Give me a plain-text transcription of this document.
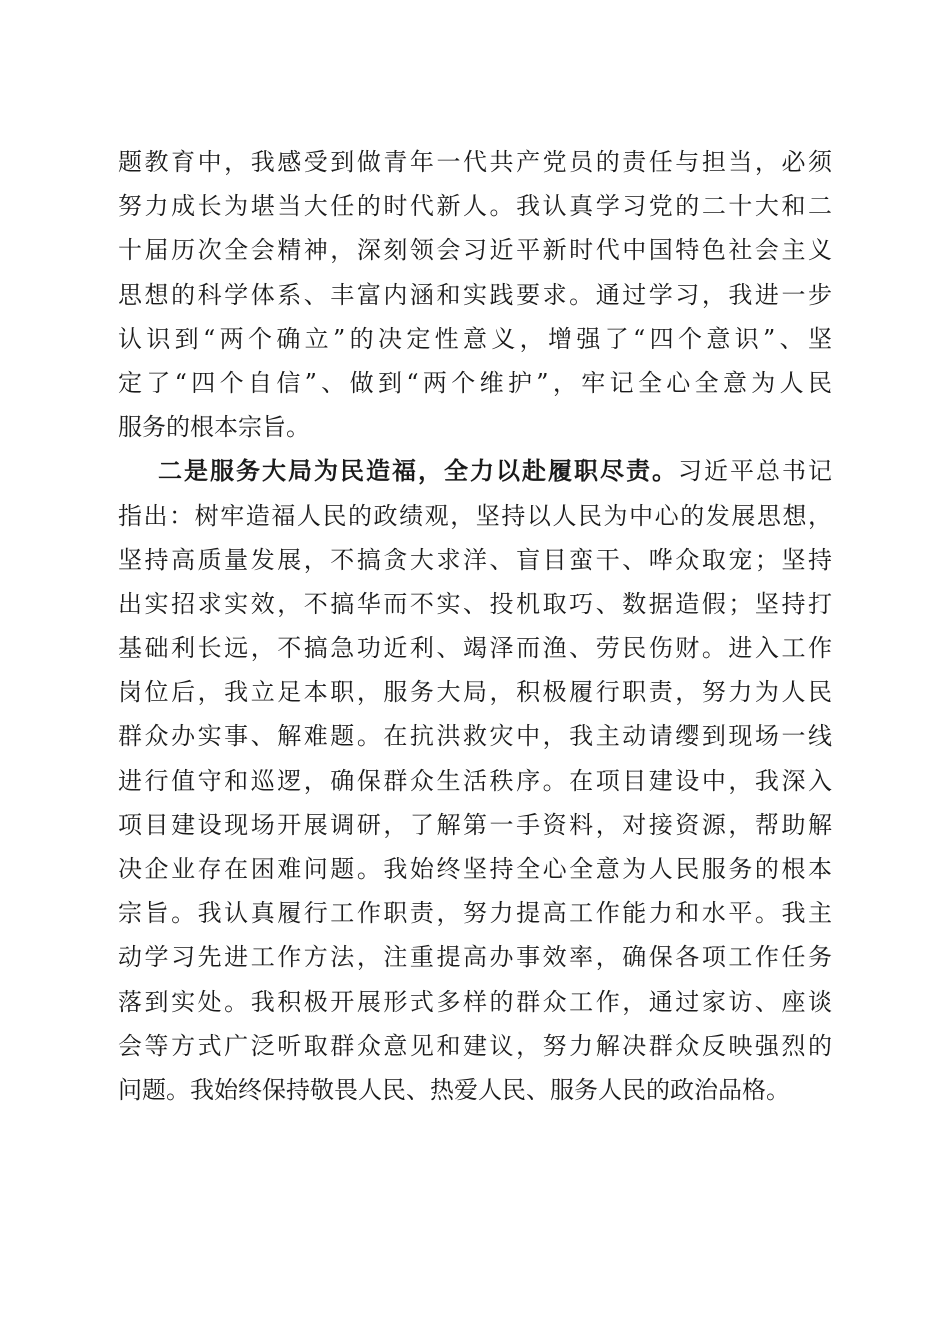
题教育中，我感受到做青年一代共产党员的责任与担当，必须
努力成长为堪当大任的时代新人。我认真学习党的二十大和二
十届历次全会精神，深刻领会习近平新时代中国特色社会主义
思想的科学体系、丰富内涵和实践要求。通过学习，我进一步
认识到“两个确立”的决定性意义，增强了“四个意识”、坚
定了“四个自信”、做到“两个维护”，牢记全心全意为人民
服务的根本宗旨。
二是服务大局为民造福，全力以赴履职尽责。习近平总书记
指出：树牢造福人民的政绩观，坚持以人民为中心的发展思想，
坚持高质量发展，不搞贪大求洋、盲目蛮干、哗众取宠；坚持
出实招求实效，不搞华而不实、投机取巧、数据造假；坚持打
基础利长远，不搞急功近利、竭泽而渔、劳民伤财。进入工作
岗位后，我立足本职，服务大局，积极履行职责，努力为人民
群众办实事、解难题。在抗洪救灾中，我主动请缨到现场一线
进行值守和巡逻，确保群众生活秩序。在项目建设中，我深入
项目建设现场开展调研，了解第一手资料，对接资源，帮助解
决企业存在困难问题。我始终坚持全心全意为人民服务的根本
宗旨。我认真履行工作职责，努力提高工作能力和水平。我主
动学习先进工作方法，注重提高办事效率，确保各项工作任务
落到实处。我积极开展形式多样的群众工作，通过家访、座谈
会等方式广泛听取群众意见和建议，努力解决群众反映强烈的
问题。我始终保持敬畏人民、热爱人民、服务人民的政治品格。
